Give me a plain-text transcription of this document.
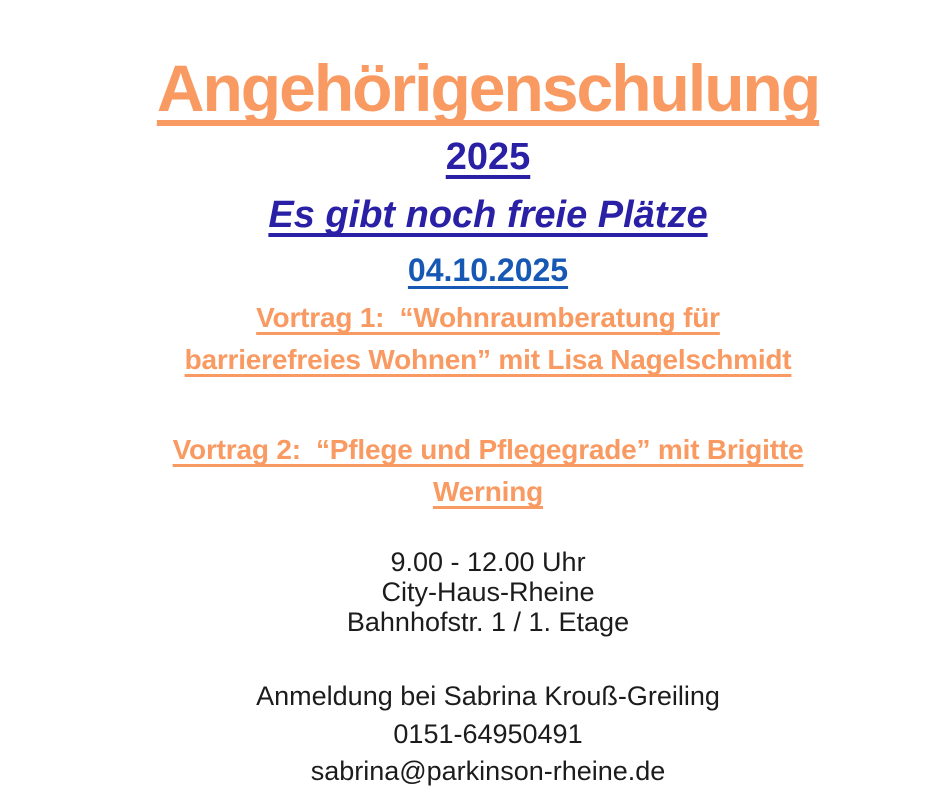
Angehörigenschulung
2025
Es gibt noch freie Plätze
04.10.2025
Vortrag 1:  “Wohnraumberatung für
barrierefreies Wohnen” mit Lisa Nagelschmidt
Vortrag 2:  “Pflege und Pflegegrade” mit Brigitte
Werning
9.00 - 12.00 Uhr
City-Haus-Rheine
Bahnhofstr. 1 / 1. Etage
Anmeldung bei Sabrina Krouß-Greiling
0151-64950491
sabrina@parkinson-rheine.de
